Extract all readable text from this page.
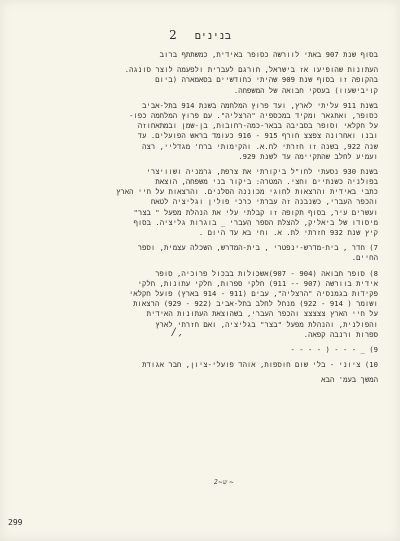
2 בנינים
בסוף שנת 907 באתי לוורשה כסופר באידית, כמשתתף ברוב
העתונות שהופיעו אז בישראל, חורגם לעברית ולפעמה לוצר סונגה.
בהקופה זו בסוף שנת 909 שהיתי כחודשיים בסאמארה (ביום
קויבישעוו) בעסקי חבואה של המשפחה.
בשנת 911 עליתי לארץ, ועד פרוץ המלחמה בשנת 914 בתל-אביב
כסופר, ואתגאר ומקיד במכספיה "הרצליה". עם פרוץ המלחמה כפו-
על חקלאי וסופר בסביבה בבאר-כמה-רחובות, בן-שמן ובמתאחוזה
ובנו ואחרונה צפצצ חורף 915 - 916 כעומד בראש הפועלים. עד
שנה 922, בשנה זו חזרתי לח.א. והקימותי ברח' מגדליי, רצה
ועמיע לחלב שהתקיימה עד לשנת 929.
בשנת 930 נסעתי לחו"ל ביקורתי את צרפת, גרמניה ושוויצרי
בפולניה כשנתיים וחצי. המטרה: ביקור בני משפחה, הוצאת
כתבי באידית והרצאות לחוגי מכוננה הסלנים. והרצאות על חיי הארץ
והכפר העברי, כשנבנה זה עברתי כרכי פולין וגליציה לטאח
ועשרים עיר, בסוף תקופה זו קבלתי עלי את הנהלת מפעל " בצר"
מיסודו של ביאליק, להצלת הספר העברי _ בוגרות גליציה. בסוף
קיץ שנת 932 חזרתי לת. א. וחי בא עד היום .
7) חדר , בית-מדרש-ינפטרי , בית-המדרש, השכלה עצמית, וספר
החיים.
8) סופר חבואה (904 - 907)אשכולות בבכול פרוכיה, סופר
אידית בוורשה (907 -- 911) חלקי ספרות, חלקי עתונות, חלקי
פקידות בגמנסיה "הרצליה", עבים (911 - 914 בארץ) פועל חקלאי
ושומר ( 914 - 922) מנחל לחלב בתל-אביב (922 - 929) הרצאות
על חיי הארץ צצצצצ והכפר העברי, בשהוצאת העתונות האידית
והפולנית, והנהלת מפעל "בצר" בגליציה, ואם חזרתי לארץ
ספרות ורנבה קפאה.
9) _ - - - ( - - - -
10) ציוני - בלי שום חוספות, אוהד פועלי-ציון, חבר אגודת
המשך בעמ' הבא
/ ,
ש~2 ~
299
